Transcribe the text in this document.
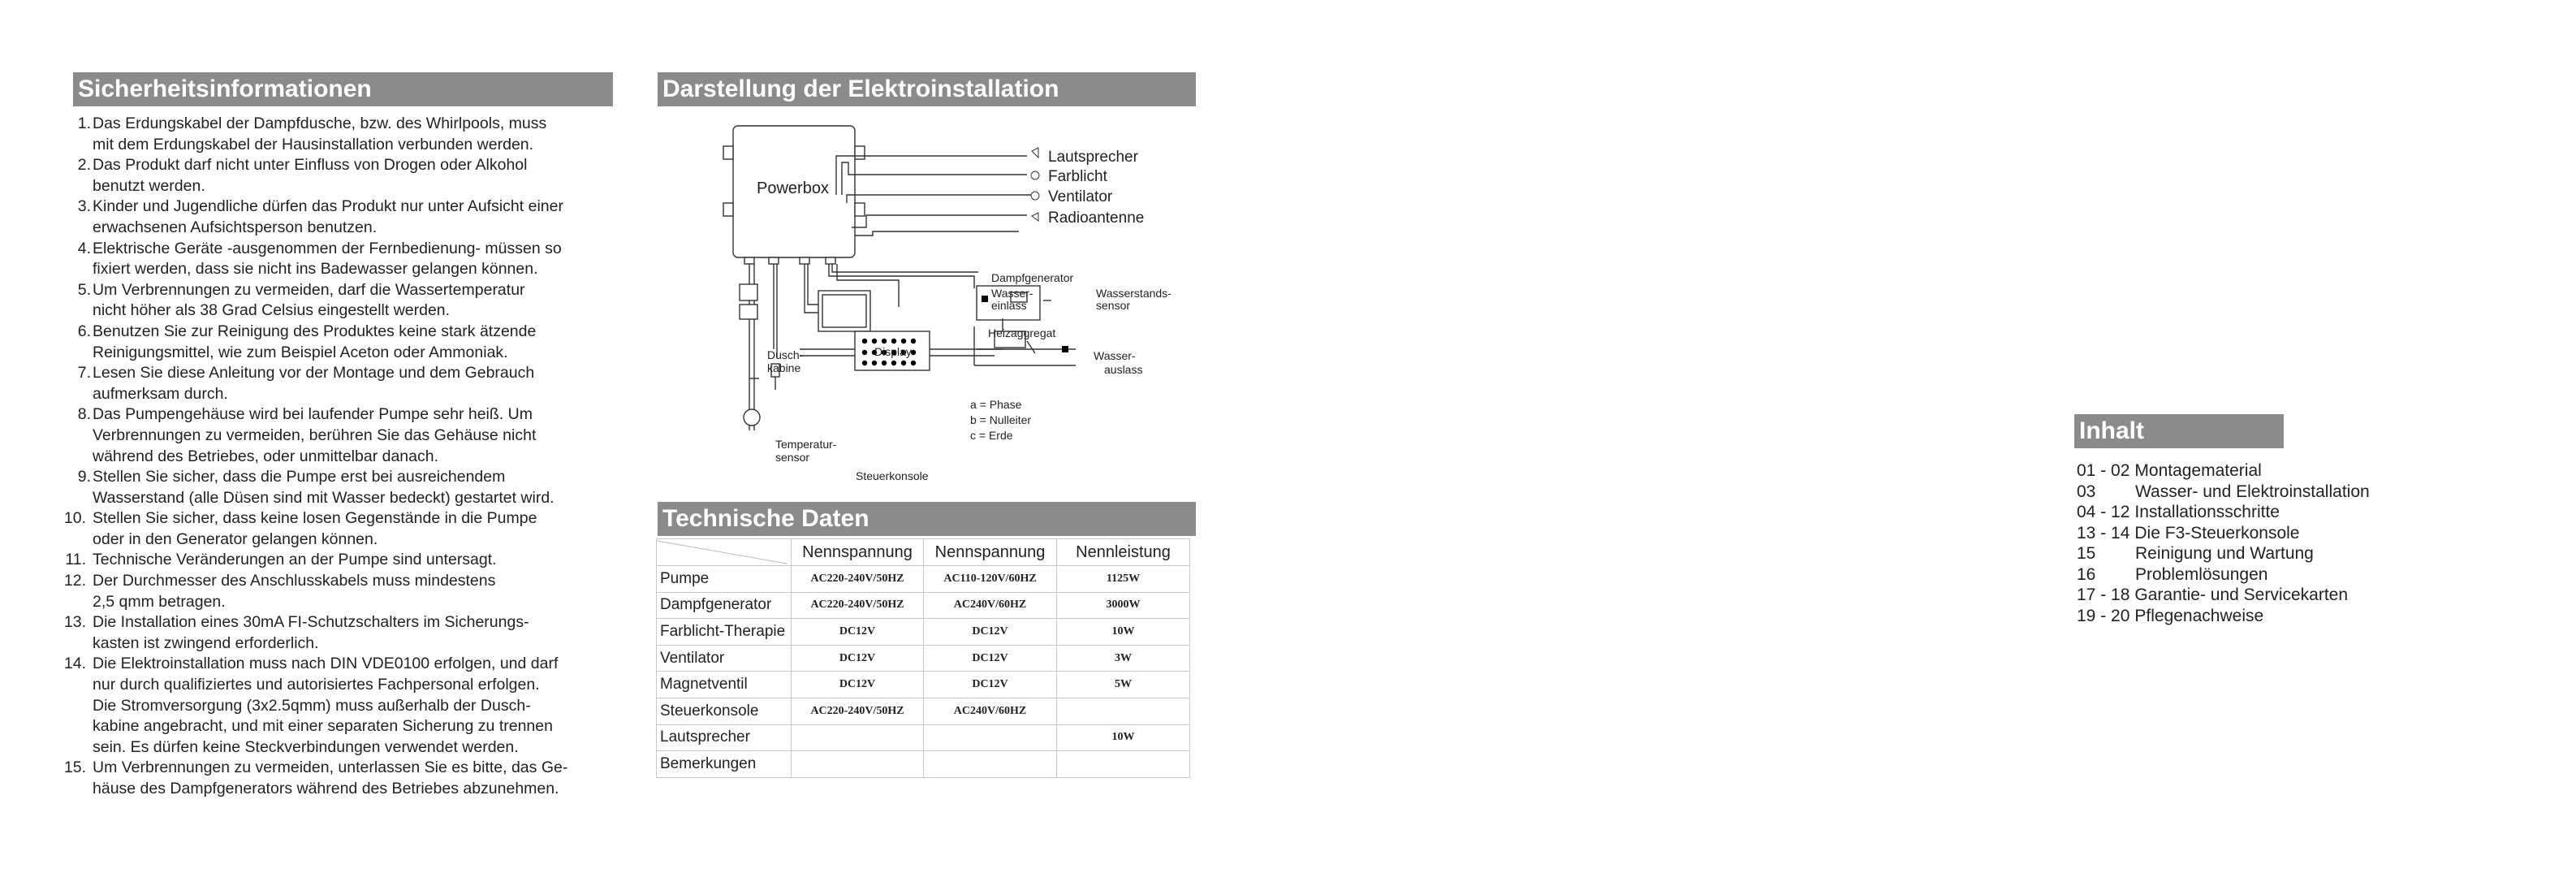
Sicherheitsinformationen
1. Das Erdungskabel der Dampfdusche, bzw. des Whirlpools, muss
mit dem Erdungskabel der Hausinstallation verbunden werden.
2. Das Produkt darf nicht unter Einfluss von Drogen oder Alkohol
benutzt werden.
3. Kinder und Jugendliche dürfen das Produkt nur unter Aufsicht einer
erwachsenen Aufsichtsperson benutzen.
4. Elektrische Geräte -ausgenommen der Fernbedienung- müssen so
fixiert werden, dass sie nicht ins Badewasser gelangen können.
5. Um Verbrennungen zu vermeiden, darf die Wassertemperatur
nicht höher als 38 Grad Celsius eingestellt werden.
6. Benutzen Sie zur Reinigung des Produktes keine stark ätzende
Reinigungsmittel, wie zum Beispiel Aceton oder Ammoniak.
7. Lesen Sie diese Anleitung vor der Montage und dem Gebrauch
aufmerksam durch.
8. Das Pumpengehäuse wird bei laufender Pumpe sehr heiß. Um
Verbrennungen zu vermeiden, berühren Sie das Gehäuse nicht
während des Betriebes, oder unmittelbar danach.
9. Stellen Sie sicher, dass die Pumpe erst bei ausreichendem
Wasserstand (alle Düsen sind mit Wasser bedeckt) gestartet wird.
10. Stellen Sie sicher, dass keine losen Gegenstände in die Pumpe
oder in den Generator gelangen können.
11. Technische Veränderungen an der Pumpe sind untersagt.
12. Der Durchmesser des Anschlusskabels muss mindestens
2,5 qmm betragen.
13. Die Installation eines 30mA FI-Schutzschalters im Sicherungs-
kasten ist zwingend erforderlich.
14. Die Elektroinstallation muss nach DIN VDE0100 erfolgen, und darf
nur durch qualifiziertes und autorisiertes Fachpersonal erfolgen.
Die Stromversorgung (3x2.5qmm) muss außerhalb der Dusch-
kabine angebracht, und mit einer separaten Sicherung zu trennen
sein. Es dürfen keine Steckverbindungen verwendet werden.
15. Um Verbrennungen zu vermeiden, unterlassen Sie es bitte, das Ge-
häuse des Dampfgenerators während des Betriebes abzunehmen.
Darstellung der Elektroinstallation
Powerbox
Lautsprecher
Farblicht
Ventilator
Radioantenne
Dampfgenerator
Wasser-
einlass
Wasserstands-
sensor
Heizaggregat
Wasser-
auslass
Dusch-
kabine
Display
a = Phase
b = Nulleiter
c = Erde
Temperatur-
sensor
Steuerkonsole
Technische Daten
	Nennspannung	Nennspannung	Nennleistung
Pumpe	AC220-240V/50HZ	AC110-120V/60HZ	1125W
Dampfgenerator	AC220-240V/50HZ	AC240V/60HZ	3000W
Farblicht-Therapie	DC12V	DC12V	10W
Ventilator	DC12V	DC12V	3W
Magnetventil	DC12V	DC12V	5W
Steuerkonsole	AC220-240V/50HZ	AC240V/60HZ	
Lautsprecher			10W
Bemerkungen			
Inhalt
01 - 02 Montagematerial
03	Wasser- und Elektroinstallation
04 - 12 Installationsschritte
13 - 14 Die F3-Steuerkonsole
15	Reinigung und Wartung
16	Problemlösungen
17 - 18 Garantie- und Servicekarten
19 - 20 Pflegenachweise
